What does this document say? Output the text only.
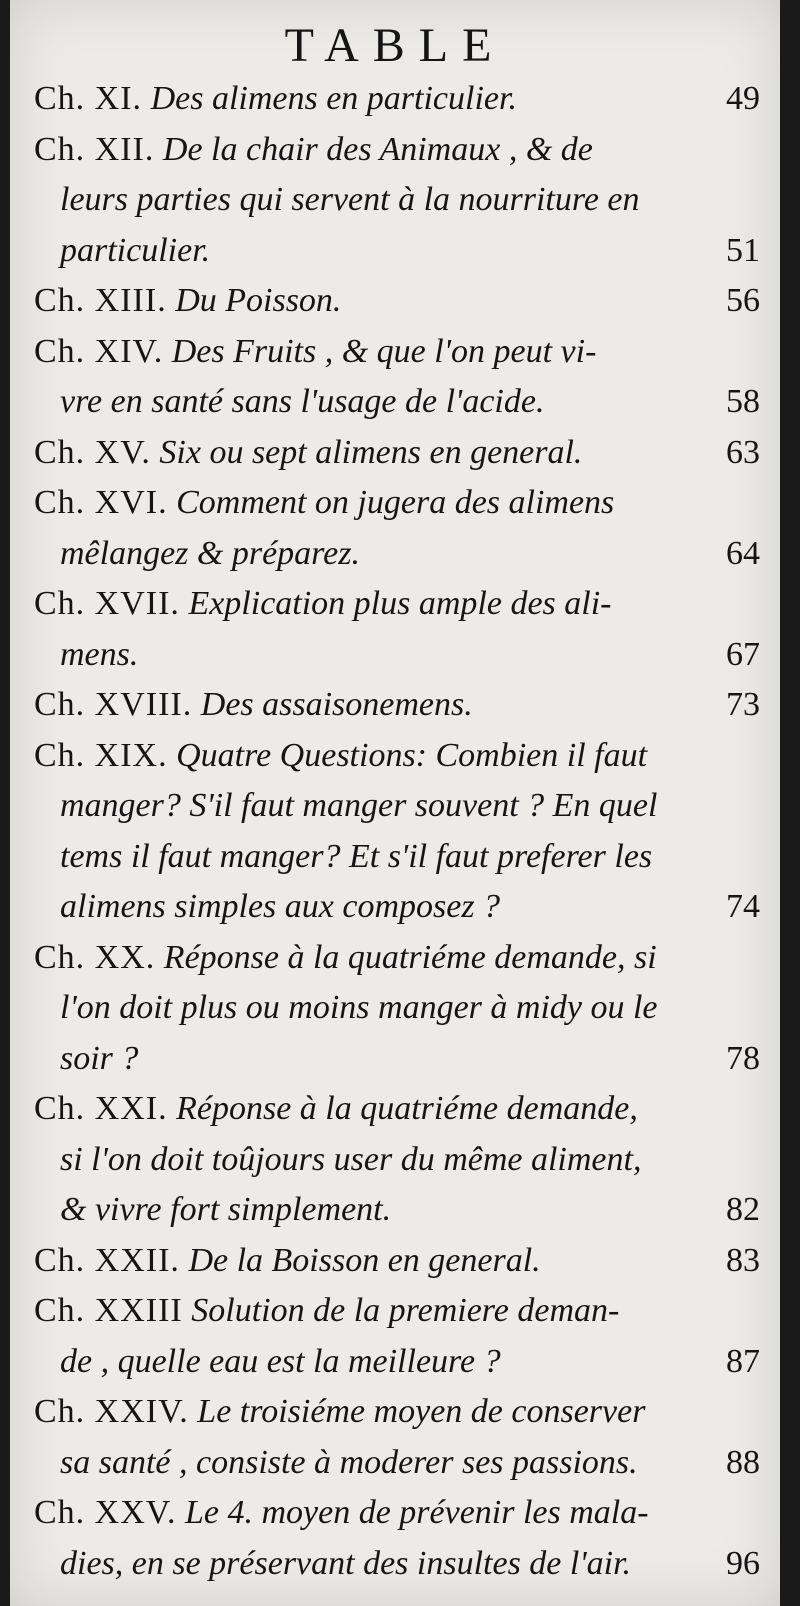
TABLE
Ch. XI. Des alimens en particulier.	49
Ch. XII. De la chair des Animaux , & de
leurs parties qui servent à la nourriture en
particulier.	51
Ch. XIII. Du Poisson.	56
Ch. XIV. Des Fruits , & que l'on peut vi-
vre en santé sans l'usage de l'acide.	58
Ch. XV. Six ou sept alimens en general.	63
Ch. XVI. Comment on jugera des alimens
mêlangez & préparez.	64
Ch. XVII. Explication plus ample des ali-
mens.	67
Ch. XVIII. Des assaisonemens.	73
Ch. XIX. Quatre Questions: Combien il faut
manger? S'il faut manger souvent ? En quel
tems il faut manger? Et s'il faut preferer les
alimens simples aux composez ?	74
Ch. XX. Réponse à la quatriéme demande, si
l'on doit plus ou moins manger à midy ou le
soir ?	78
Ch. XXI. Réponse à la quatriéme demande,
si l'on doit toûjours user du même aliment,
& vivre fort simplement.	82
Ch. XXII. De la Boisson en general.	83
Ch. XXIII Solution de la premiere deman-
de , quelle eau est la meilleure ?	87
Ch. XXIV. Le troisiéme moyen de conserver
sa santé , consiste à moderer ses passions.	88
Ch. XXV. Le 4. moyen de prévenir les mala-
dies, en se préservant des insultes de l'air.	96
